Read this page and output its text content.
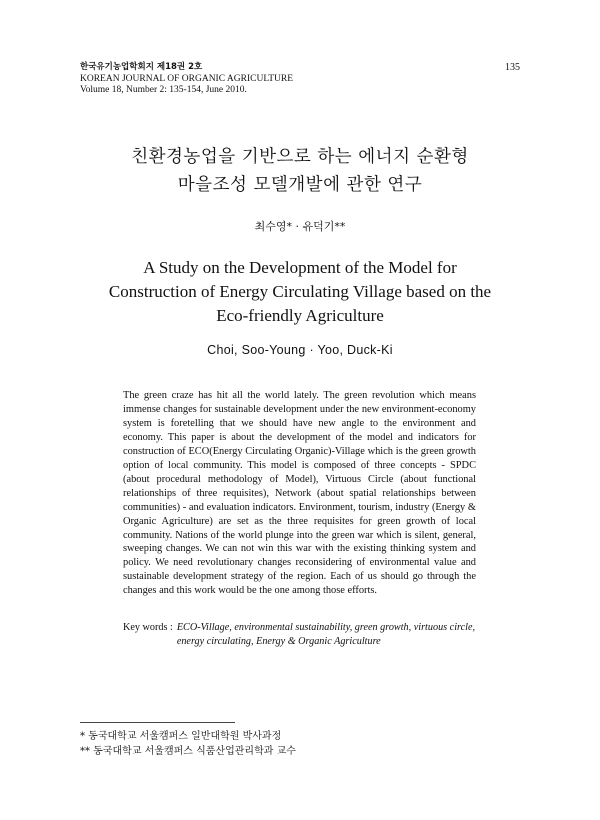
한국유기농업학회지 제18권 2호
KOREAN JOURNAL OF ORGANIC AGRICULTURE
Volume 18, Number 2: 135-154, June 2010.
135
친환경농업을 기반으로 하는 에너지 순환형
마을조성 모델개발에 관한 연구
최수영* · 유덕기**
A Study on the Development of the Model for
Construction of Energy Circulating Village based on the
Eco-friendly Agriculture
Choi, Soo-Young · Yoo, Duck-Ki
The green craze has hit all the world lately. The green revolution which means immense changes for sustainable development under the new environment-economy system is foretelling that we should have new angle to the environment and economy. This paper is about the development of the model and indicators for construction of ECO(Energy Circulating Organic)-Village which is the green growth option of local community. This model is composed of three concepts - SPDC (about procedural methodology of Model), Virtuous Circle (about functional relationships of three requisites), Network (about spatial relationships between communities) - and evaluation indicators. Environment, tourism, industry (Energy & Organic Agriculture) are set as the three requisites for green growth of local community. Nations of the world plunge into the green war which is silent, general, sweeping changes. We can not win this war with the existing thinking system and policy. We need revolutionary changes reconsidering of environmental value and sustainable development strategy of the region. Each of us should go through the changes and this work would be the one among those efforts.
Key words : ECO-Village, environmental sustainability, green growth, virtuous circle, energy circulating, Energy & Organic Agriculture
* 동국대학교 서울캠퍼스 일반대학원 박사과정
** 동국대학교 서울캠퍼스 식품산업관리학과 교수
